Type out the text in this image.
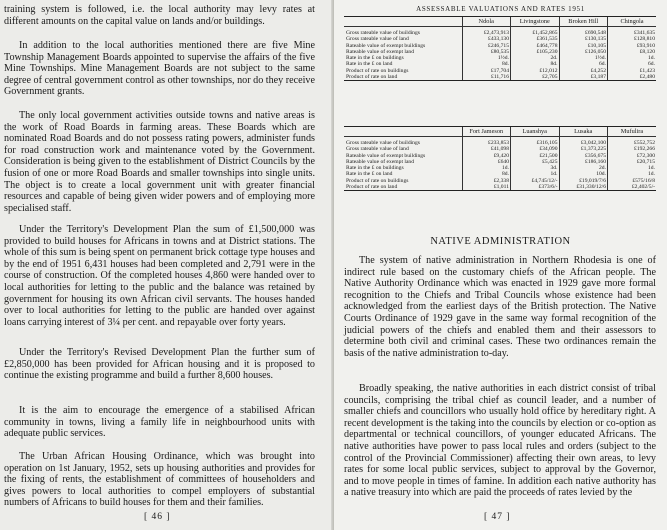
training system is followed, i.e. the local authority may levy rates at different amounts on the capital value on lands and/or buildings.

In addition to the local authorities mentioned there are five Mine Township Management Boards appointed to supervise the affairs of the five Mine Townships. Mine Management Boards are not subject to the same degree of central government control as other townships, nor do they receive Government grants.

The only local government activities outside towns and native areas is the work of Road Boards in farming areas. These Boards which are nominated Road Boards and do not possess rating powers, administer funds for road construction work and maintenance voted by the Government. Consideration is being given to the establishment of District Councils by the fusion of one or more Road Boards and smaller townships into single units. The object is to create a local government unit with greater financial resources and capable of being given wider powers and of employing more specialised staff.

Under the Territory's Development Plan the sum of £1,500,000 was provided to build houses for Africans in towns and at District stations. The whole of this sum is being spent on permanent brick cottage type houses and by the end of 1951 6,431 houses had been completed and 2,791 were in the course of construction. Of the completed houses 4,860 were handed over to local authorities for letting to the public and the balance was retained by government for housing its own African civil servants. The houses handed over to local authorities for letting to the public are handed over against loans carrying interest of 3¼ per cent. and repayable over forty years.

Under the Territory's Revised Development Plan the further sum of £2,850,000 has been provided for African housing and it is proposed to continue the existing programme and build a further 8,600 houses.

It is the aim to encourage the emergence of a stabilised African community in towns, living a family life in neighbourhood units with adequate public services.

The Urban African Housing Ordinance, which was brought into operation on 1st January, 1952, sets up housing authorities and provides for the fixing of rents, the establishment of committees of householders and gives powers to local authorities to compel employers of substantial numbers of Africans to build houses for them and their families.

[ 46 ]

ASSESSABLE VALUATIONS AND RATES 1951

	Ndola	Livingstone	Broken Hill	Chingola
Gross rateable value of buildings	£2,473,913	£1,452,865	£690,548	£341,635
Gross rateable value of land	£433,130	£361,535	£130,135	£128,810
Rateable value of exempt buildings	£246,715	£464,778	£10,105	£93,910
Rateable value of exempt land	£80,535	£105,230	£126,050	£8,120
Rate in the £ on buildings	1½d.	2d.	1½d.	1d.
Rate in the £ on land	8d.	8d.	6d.	6d.
Product of rate on buildings	£17,704	£12,012	£4,252	£1,423
Product of rate on land	£11,716	£2,705	£3,187	£2,480
	Fort Jameson	Luanshya	Lusaka	Mufulira
Gross rateable value of buildings	£233,853	£316,105	£3,042,100	£552,752
Gross rateable value of land	£41,098	£34,090	£1,373,225	£192,266
Rateable value of exempt buildings	£9,420	£21,500	£356,675	£72,300
Rateable value of exempt land	£640	£5,425	£186,160	£20,715
Rate in the £ on buildings	1d.	3d.	2d.	1d.
Rate in the £ on land	8d.	1d.	10d.	1d.
Product of rate on buildings	£2,338	£4,745/12/-	£19,019/7/6	£575/16/8
Product of rate on land	£1,011	£373/6/-	£31,330/12/6	£2,402/5/-

NATIVE ADMINISTRATION

The system of native administration in Northern Rhodesia is one of indirect rule based on the customary chiefs of the African people. The Native Authority Ordinance which was enacted in 1929 gave more formal recognition to the Chiefs and Tribal Councils whose existence had been acknowledged from the earliest days of the British protection. The Native Courts Ordinance of 1929 gave in the same way formal recognition of the judicial powers of the chiefs and enabled them and their assessors to determine both civil and criminal cases. These two ordinances remain the basis of the native administration to-day.

Broadly speaking, the native authorities in each district consist of tribal councils, comprising the tribal chief as council leader, and a number of smaller chiefs and councillors who usually hold office by hereditary right. A recent development is the taking into the councils by election or co-option as departmental or technical councillors, of younger educated Africans. The native authorities have power to pass local rules and orders (subject to the control of the Provincial Commissioner) affecting their own areas, to levy rates for some local public services, subject to approval by the Governor, and to move people in times of famine. In addition each native authority has a native treasury into which are paid the proceeds of rates levied by the

[ 47 ]
